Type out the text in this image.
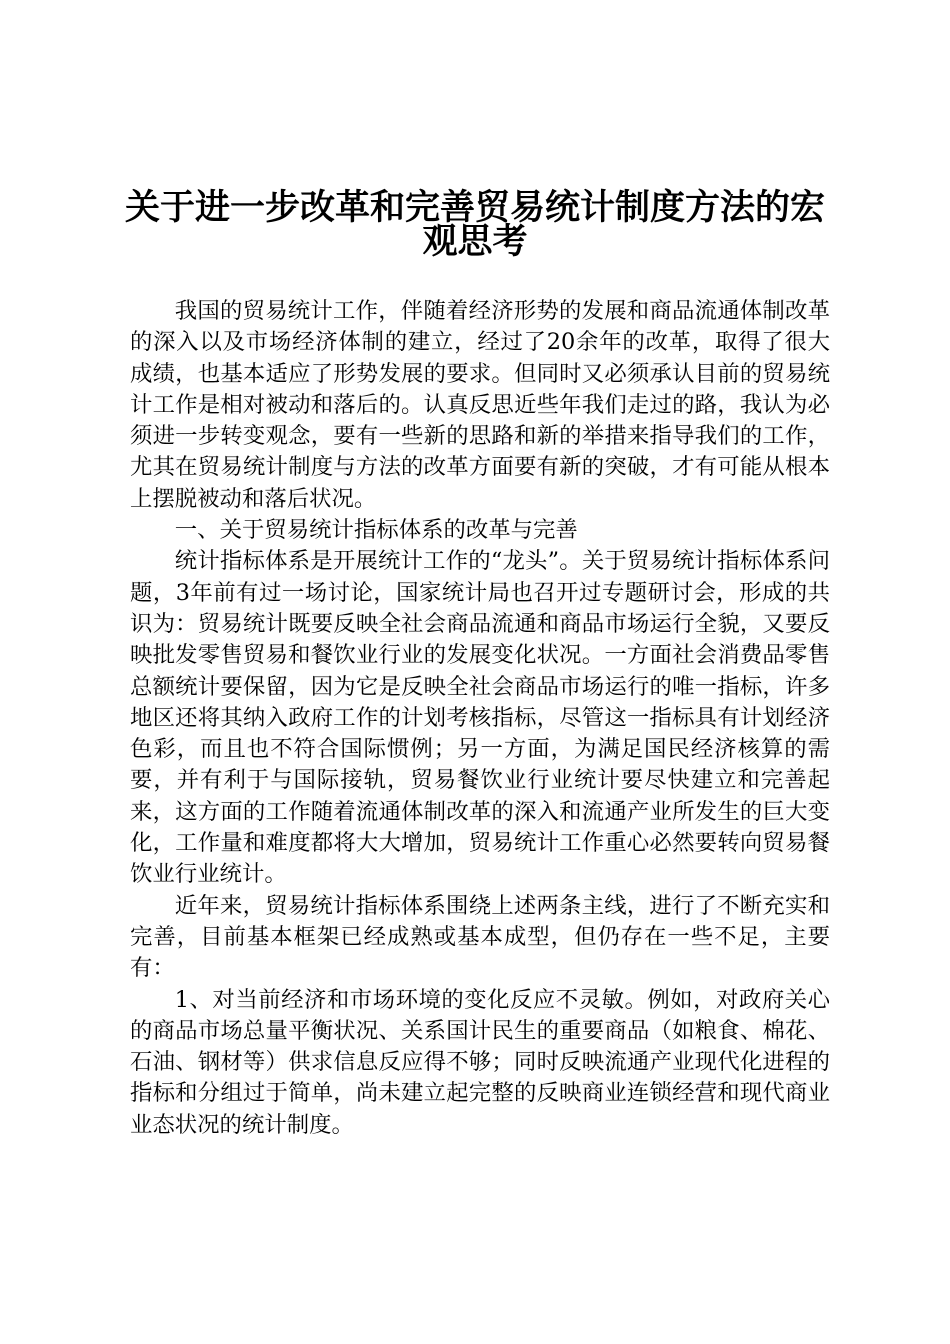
关于进一步改革和完善贸易统计制度方法的宏
观思考

我国的贸易统计工作，伴随着经济形势的发展和商品流通体制改革的深入以及市场经济体制的建立，经过了20余年的改革，取得了很大成绩，也基本适应了形势发展的要求。但同时又必须承认目前的贸易统计工作是相对被动和落后的。认真反思近些年我们走过的路，我认为必须进一步转变观念，要有一些新的思路和新的举措来指导我们的工作，尤其在贸易统计制度与方法的改革方面要有新的突破，才有可能从根本上摆脱被动和落后状况。

一、关于贸易统计指标体系的改革与完善

统计指标体系是开展统计工作的“龙头”。关于贸易统计指标体系问题，3年前有过一场讨论，国家统计局也召开过专题研讨会，形成的共识为：贸易统计既要反映全社会商品流通和商品市场运行全貌，又要反映批发零售贸易和餐饮业行业的发展变化状况。一方面社会消费品零售总额统计要保留，因为它是反映全社会商品市场运行的唯一指标，许多地区还将其纳入政府工作的计划考核指标，尽管这一指标具有计划经济色彩，而且也不符合国际惯例；另一方面，为满足国民经济核算的需要，并有利于与国际接轨，贸易餐饮业行业统计要尽快建立和完善起来，这方面的工作随着流通体制改革的深入和流通产业所发生的巨大变化，工作量和难度都将大大增加，贸易统计工作重心必然要转向贸易餐饮业行业统计。

近年来，贸易统计指标体系围绕上述两条主线，进行了不断充实和完善，目前基本框架已经成熟或基本成型，但仍存在一些不足，主要有：

1、对当前经济和市场环境的变化反应不灵敏。例如，对政府关心的商品市场总量平衡状况、关系国计民生的重要商品（如粮食、棉花、石油、钢材等）供求信息反应得不够；同时反映流通产业现代化进程的指标和分组过于简单，尚未建立起完整的反映商业连锁经营和现代商业业态状况的统计制度。
